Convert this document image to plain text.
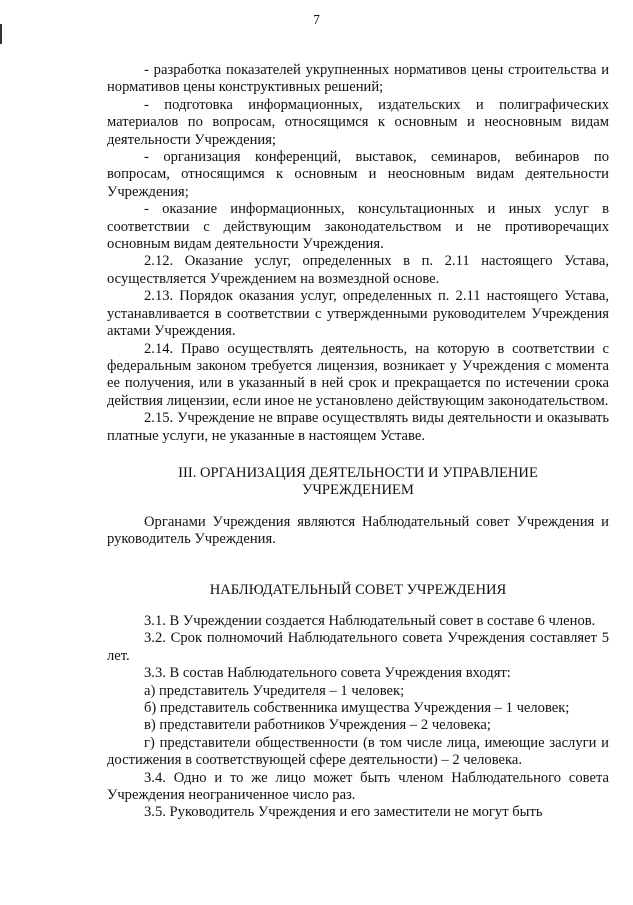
7

- разработка показателей укрупненных нормативов цены строительства и нормативов цены конструктивных решений;

- подготовка информационных, издательских и полиграфических материалов по вопросам, относящимся к основным и неосновным видам деятельности Учреждения;

- организация конференций, выставок, семинаров, вебинаров по вопросам, относящимся к основным и неосновным видам деятельности Учреждения;

- оказание информационных, консультационных и иных услуг в соответствии с действующим законодательством и не противоречащих основным видам деятельности Учреждения.

2.12. Оказание услуг, определенных в п. 2.11 настоящего Устава, осуществляется Учреждением на возмездной основе.

2.13. Порядок оказания услуг, определенных п. 2.11 настоящего Устава, устанавливается в соответствии с утвержденными руководителем Учреждения актами Учреждения.

2.14. Право осуществлять деятельность, на которую в соответствии с федеральным законом требуется лицензия, возникает у Учреждения с момента ее получения, или в указанный в ней срок и прекращается по истечении срока действия лицензии, если иное не установлено действующим законодательством.

2.15. Учреждение не вправе осуществлять виды деятельности и оказывать платные услуги, не указанные в настоящем Уставе.

III. ОРГАНИЗАЦИЯ ДЕЯТЕЛЬНОСТИ И УПРАВЛЕНИЕ УЧРЕЖДЕНИЕМ

Органами Учреждения являются Наблюдательный совет Учреждения и руководитель Учреждения.

НАБЛЮДАТЕЛЬНЫЙ СОВЕТ УЧРЕЖДЕНИЯ

3.1. В Учреждении создается Наблюдательный совет в составе 6 членов.

3.2. Срок полномочий Наблюдательного совета Учреждения составляет 5 лет.

3.3. В состав Наблюдательного совета Учреждения входят:

а) представитель Учредителя – 1 человек;

б) представитель собственника имущества Учреждения – 1 человек;

в) представители работников Учреждения – 2 человека;

г) представители общественности (в том числе лица, имеющие заслуги и достижения в соответствующей сфере деятельности) – 2 человека.

3.4. Одно и то же лицо может быть членом Наблюдательного совета Учреждения неограниченное число раз.

3.5. Руководитель Учреждения и его заместители не могут быть
